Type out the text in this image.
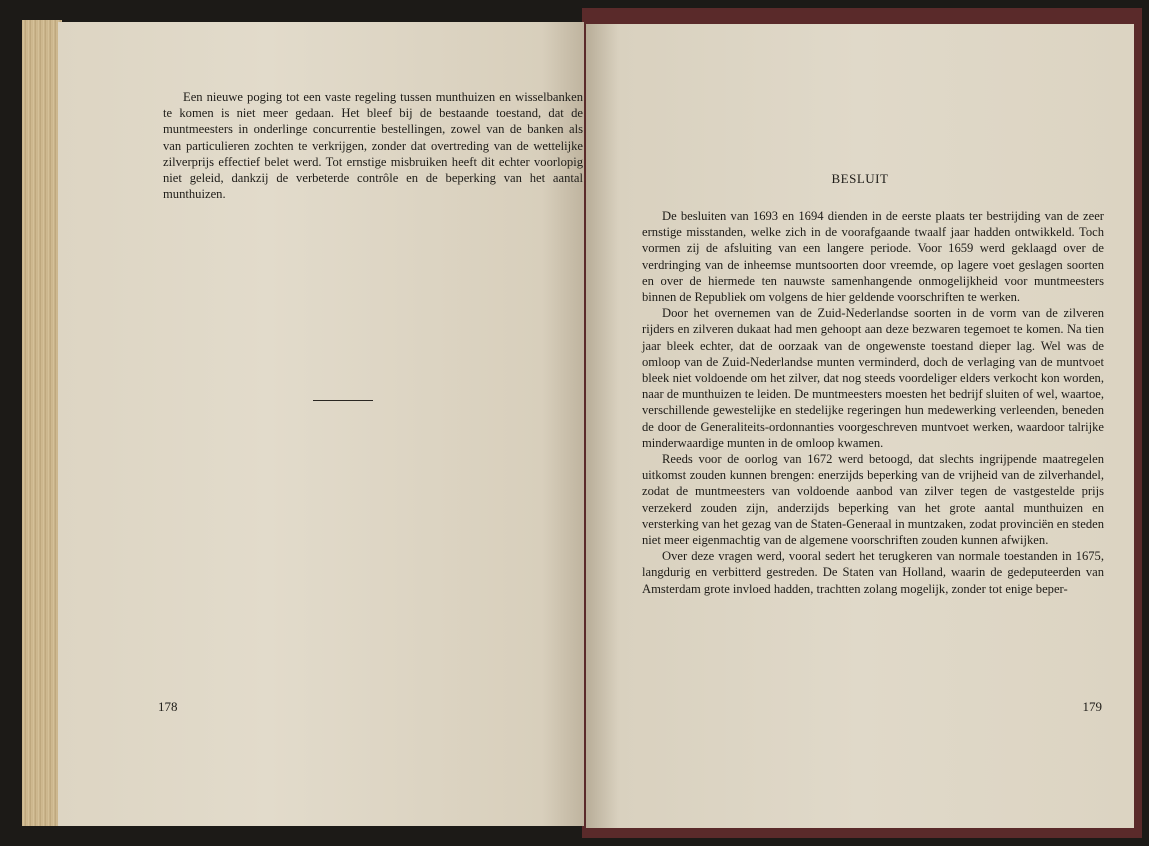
Een nieuwe poging tot een vaste regeling tussen munthuizen en wisselbanken te komen is niet meer gedaan. Het bleef bij de bestaande toestand, dat de muntmeesters in onderlinge concurrentie bestellingen, zowel van de banken als van particulieren zochten te verkrijgen, zonder dat overtreding van de wettelijke zilverprijs effectief belet werd. Tot ernstige misbruiken heeft dit echter voorlopig niet geleid, dankzij de verbeterde contrôle en de beperking van het aantal munthuizen.

178
BESLUIT

De besluiten van 1693 en 1694 dienden in de eerste plaats ter bestrijding van de zeer ernstige misstanden, welke zich in de voorafgaande twaalf jaar hadden ontwikkeld. Toch vormen zij de afsluiting van een langere periode. Voor 1659 werd geklaagd over de verdringing van de inheemse muntsoorten door vreemde, op lagere voet geslagen soorten en over de hiermede ten nauwste samenhangende onmogelijkheid voor muntmeesters binnen de Republiek om volgens de hier geldende voorschriften te werken.

Door het overnemen van de Zuid-Nederlandse soorten in de vorm van de zilveren rijders en zilveren dukaat had men gehoopt aan deze bezwaren tegemoet te komen. Na tien jaar bleek echter, dat de oorzaak van de ongewenste toestand dieper lag. Wel was de omloop van de Zuid-Nederlandse munten verminderd, doch de verlaging van de muntvoet bleek niet voldoende om het zilver, dat nog steeds voordeliger elders verkocht kon worden, naar de munthuizen te leiden. De muntmeesters moesten het bedrijf sluiten of wel, waartoe, verschillende gewestelijke en stedelijke regeringen hun medewerking verleenden, beneden de door de Generaliteits-ordonnanties voorgeschreven muntvoet werken, waardoor talrijke minderwaardige munten in de omloop kwamen.

Reeds voor de oorlog van 1672 werd betoogd, dat slechts ingrijpende maatregelen uitkomst zouden kunnen brengen: enerzijds beperking van de vrijheid van de zilverhandel, zodat de muntmeesters van voldoende aanbod van zilver tegen de vastgestelde prijs verzekerd zouden zijn, anderzijds beperking van het grote aantal munthuizen en versterking van het gezag van de Staten-Generaal in muntzaken, zodat provinciën en steden niet meer eigenmachtig van de algemene voorschriften zouden kunnen afwijken.

Over deze vragen werd, vooral sedert het terugkeren van normale toestanden in 1675, langdurig en verbitterd gestreden. De Staten van Holland, waarin de gedeputeerden van Amsterdam grote invloed hadden, trachtten zolang mogelijk, zonder tot enige beper-

179
